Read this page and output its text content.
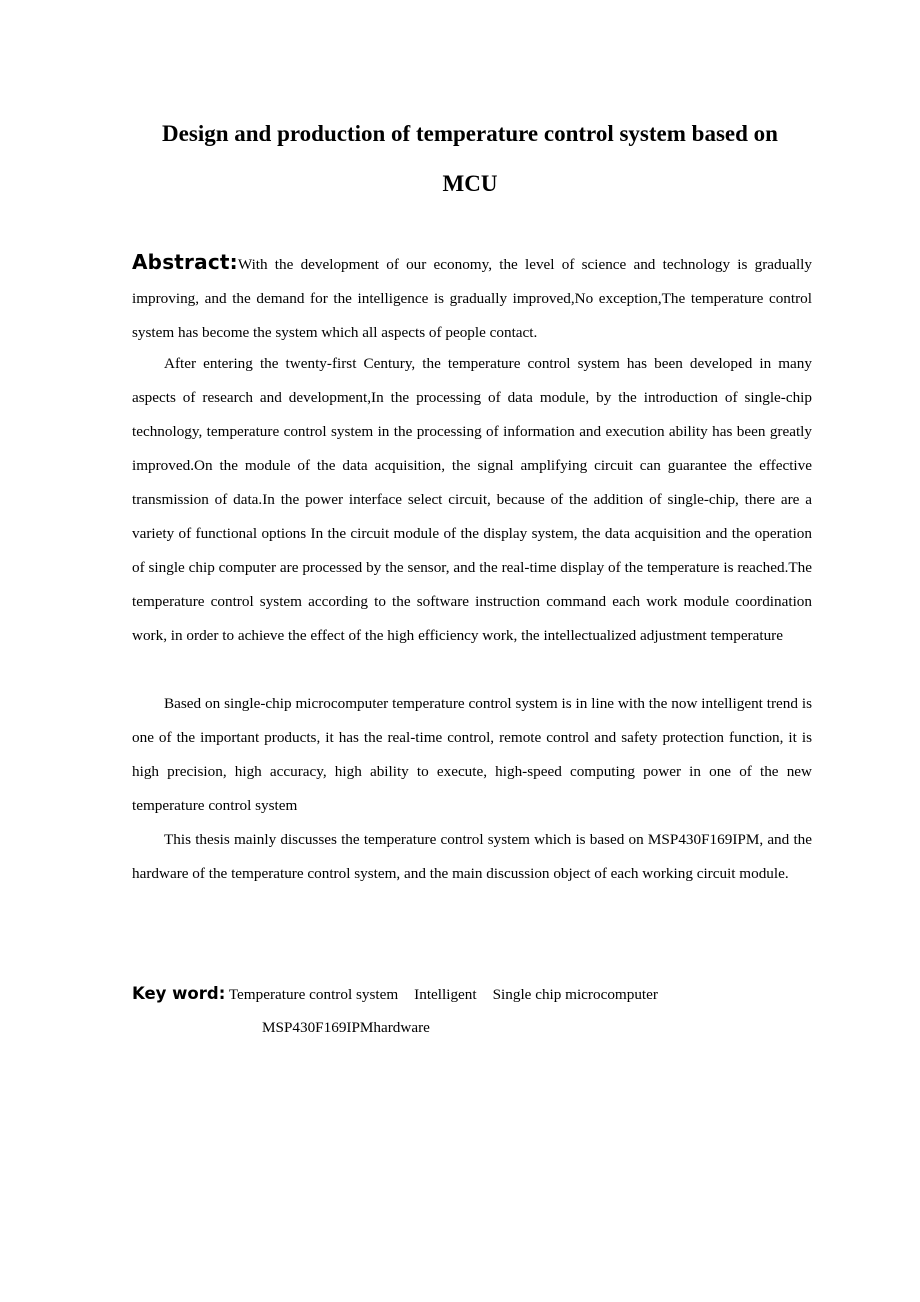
Design and production of temperature control system based on
MCU
Abstract:With the development of our economy, the level of science and technology is gradually improving, and the demand for the intelligence is gradually improved,No exception,The temperature control system has become the system which all aspects of people contact.
After entering the twenty-first Century, the temperature control system has been developed in many aspects of research and development,In the processing of data module, by the introduction of single-chip technology, temperature control system in the processing of information and execution ability has been greatly improved.On the module of the data acquisition, the signal amplifying circuit can guarantee the effective transmission of data.In the power interface select circuit, because of the addition of single-chip, there are a variety of functional options In the circuit module of the display system, the data acquisition and the operation of single chip computer are processed by the sensor, and the real-time display of the temperature is reached.The temperature control system according to the software instruction command each work module coordination work, in order to achieve the effect of the high efficiency work, the intellectualized adjustment temperature
Based on single-chip microcomputer temperature control system is in line with the now intelligent trend is one of the important products, it has the real-time control, remote control and safety protection function, it is high precision, high accuracy, high ability to execute, high-speed computing power in one of the new temperature control system
This thesis mainly discusses the temperature control system which is based on MSP430F169IPM, and the hardware of the temperature control system, and the main discussion object of each working circuit module.
Key word: Temperature control system Intelligent Single chip microcomputer
MSP430F169IPMhardware
